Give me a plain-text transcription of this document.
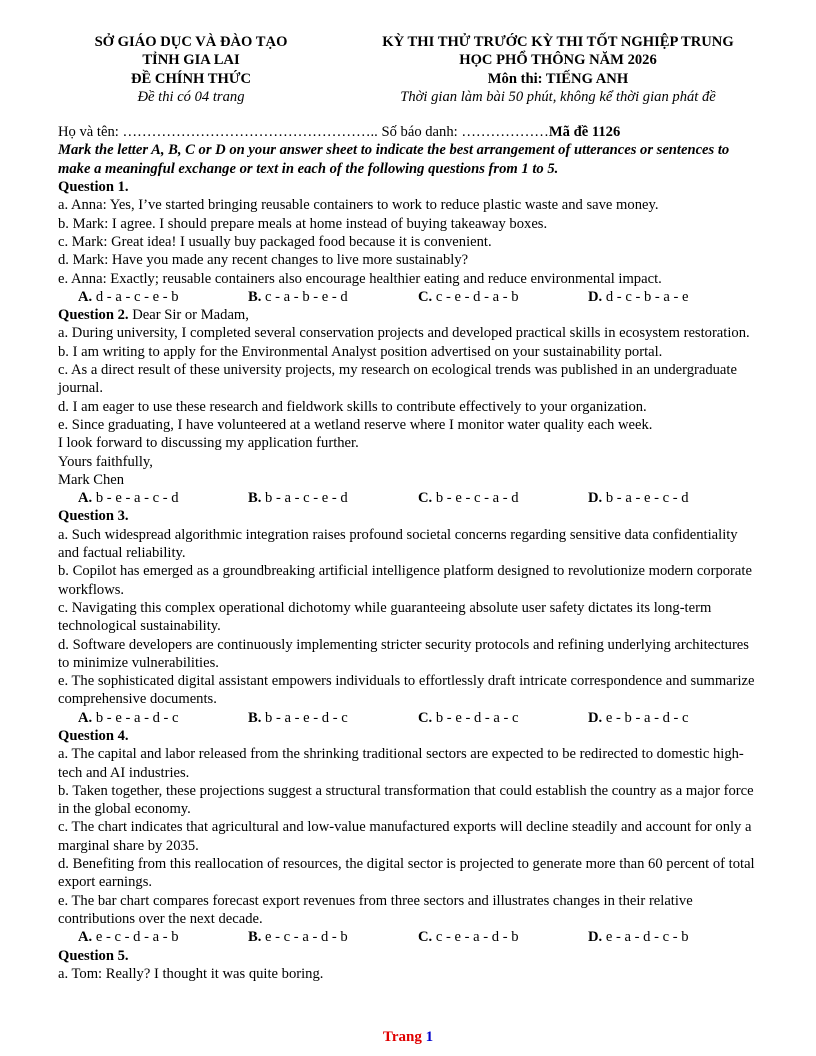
SỞ GIÁO DỤC VÀ ĐÀO TẠO
TỈNH GIA LAI
ĐỀ CHÍNH THỨC
Đề thi có 04 trang
KỲ THI THỬ TRƯỚC KỲ THI TỐT NGHIỆP TRUNG
HỌC PHỔ THÔNG NĂM 2026
Môn thi: TIẾNG ANH
Thời gian làm bài 50 phút, không kể thời gian phát đề
Họ và tên: …………………………………………….. Số báo danh: ………………Mã đề 1126
Mark the letter A, B, C or D on your answer sheet to indicate the best arrangement of utterances or sentences to make a meaningful exchange or text in each of the following questions from 1 to 5.
Question 1.
a. Anna: Yes, I’ve started bringing reusable containers to work to reduce plastic waste and save money.
b. Mark: I agree. I should prepare meals at home instead of buying takeaway boxes.
c. Mark: Great idea! I usually buy packaged food because it is convenient.
d. Mark: Have you made any recent changes to live more sustainably?
e. Anna: Exactly; reusable containers also encourage healthier eating and reduce environmental impact.
A. d - a - c - e - b	B. c - a - b - e - d	C. c - e - d - a - b	D. d - c - b - a - e
Question 2. Dear Sir or Madam,
a. During university, I completed several conservation projects and developed practical skills in ecosystem restoration.
b. I am writing to apply for the Environmental Analyst position advertised on your sustainability portal.
c. As a direct result of these university projects, my research on ecological trends was published in an undergraduate journal.
d. I am eager to use these research and fieldwork skills to contribute effectively to your organization.
e. Since graduating, I have volunteered at a wetland reserve where I monitor water quality each week.
I look forward to discussing my application further.
Yours faithfully,
Mark Chen
A. b - e - a - c - d	B. b - a - c - e - d	C. b - e - c - a - d	D. b - a - e - c - d
Question 3.
a. Such widespread algorithmic integration raises profound societal concerns regarding sensitive data confidentiality and factual reliability.
b. Copilot has emerged as a groundbreaking artificial intelligence platform designed to revolutionize modern corporate workflows.
c. Navigating this complex operational dichotomy while guaranteeing absolute user safety dictates its long-term technological sustainability.
d. Software developers are continuously implementing stricter security protocols and refining underlying architectures to minimize vulnerabilities.
e. The sophisticated digital assistant empowers individuals to effortlessly draft intricate correspondence and summarize comprehensive documents.
A. b - e - a - d - c	B. b - a - e - d - c	C. b - e - d - a - c	D. e - b - a - d - c
Question 4.
a. The capital and labor released from the shrinking traditional sectors are expected to be redirected to domestic high-tech and AI industries.
b. Taken together, these projections suggest a structural transformation that could establish the country as a major force in the global economy.
c. The chart indicates that agricultural and low-value manufactured exports will decline steadily and account for only a marginal share by 2035.
d. Benefiting from this reallocation of resources, the digital sector is projected to generate more than 60 percent of total export earnings.
e. The bar chart compares forecast export revenues from three sectors and illustrates changes in their relative contributions over the next decade.
A. e - c - d - a - b	B. e - c - a - d - b	C. c - e - a - d - b	D. e - a - d - c - b
Question 5.
a. Tom: Really? I thought it was quite boring.
Trang 1
